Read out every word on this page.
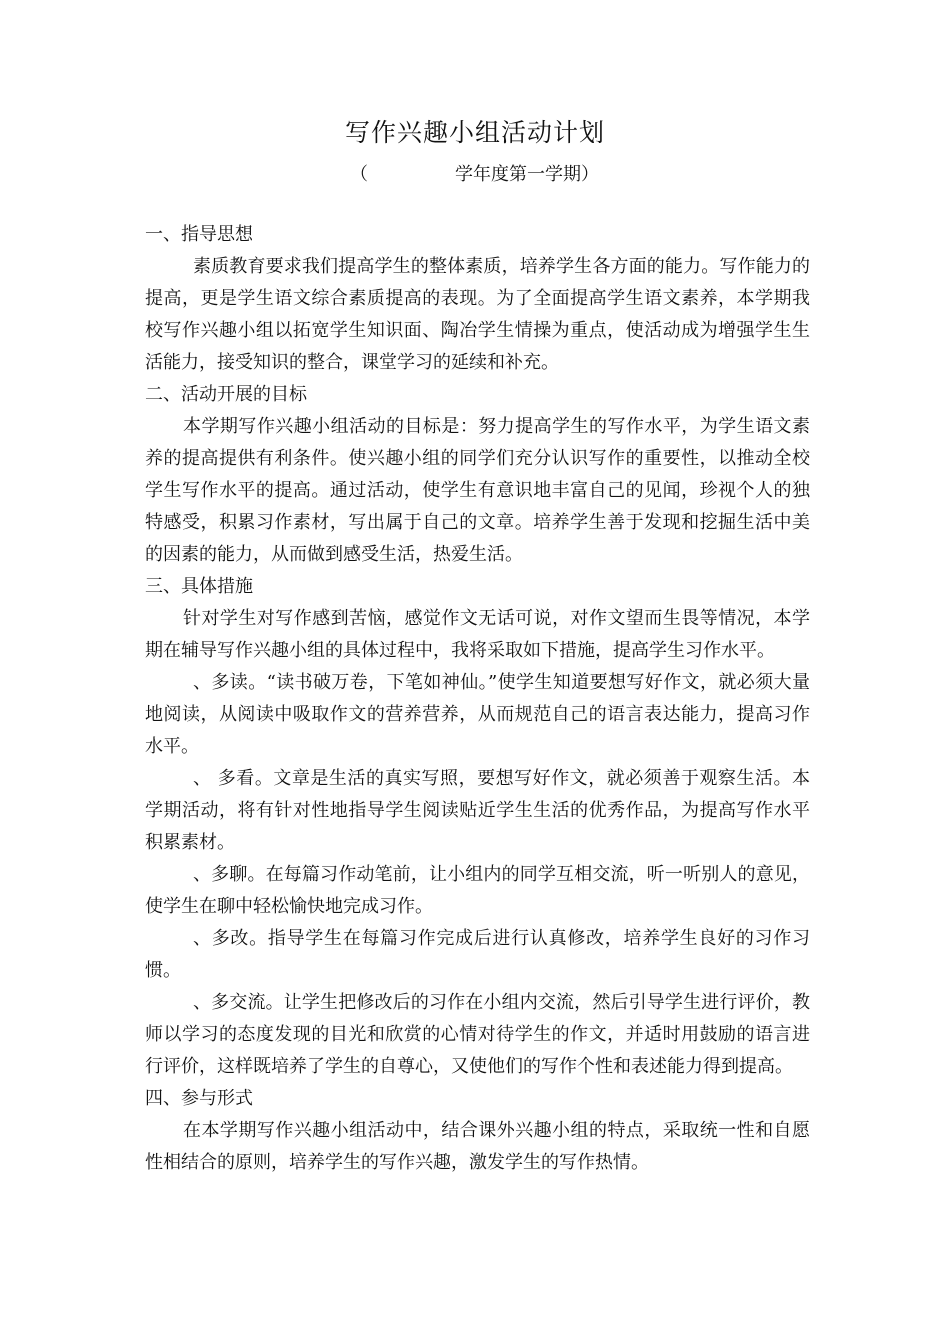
写作兴趣小组活动计划
（	学年度第一学期）

一、指导思想

素质教育要求我们提高学生的整体素质，培养学生各方面的能力。写作能力的提高，更是学生语文综合素质提高的表现。为了全面提高学生语文素养，本学期我校写作兴趣小组以拓宽学生知识面、陶冶学生情操为重点，使活动成为增强学生生活能力，接受知识的整合，课堂学习的延续和补充。

二、活动开展的目标

本学期写作兴趣小组活动的目标是：努力提高学生的写作水平，为学生语文素养的提高提供有利条件。使兴趣小组的同学们充分认识写作的重要性，以推动全校学生写作水平的提高。通过活动，使学生有意识地丰富自己的见闻，珍视个人的独特感受，积累习作素材，写出属于自己的文章。培养学生善于发现和挖掘生活中美的因素的能力，从而做到感受生活，热爱生活。

三、具体措施

针对学生对写作感到苦恼，感觉作文无话可说，对作文望而生畏等情况，本学期在辅导写作兴趣小组的具体过程中，我将采取如下措施，提高学生习作水平。

、多读。“读书破万卷，下笔如神仙。”使学生知道要想写好作文，就必须大量地阅读，从阅读中吸取作文的营养营养，从而规范自己的语言表达能力，提高习作水平。

、 多看。文章是生活的真实写照，要想写好作文，就必须善于观察生活。本学期活动，将有针对性地指导学生阅读贴近学生生活的优秀作品，为提高写作水平积累素材。

、多聊。在每篇习作动笔前，让小组内的同学互相交流，听一听别人的意见，使学生在聊中轻松愉快地完成习作。

、多改。指导学生在每篇习作完成后进行认真修改，培养学生良好的习作习惯。

、多交流。让学生把修改后的习作在小组内交流，然后引导学生进行评价，教师以学习的态度发现的目光和欣赏的心情对待学生的作文，并适时用鼓励的语言进行评价，这样既培养了学生的自尊心，又使他们的写作个性和表述能力得到提高。

四、参与形式

在本学期写作兴趣小组活动中，结合课外兴趣小组的特点，采取统一性和自愿性相结合的原则，培养学生的写作兴趣，激发学生的写作热情。
